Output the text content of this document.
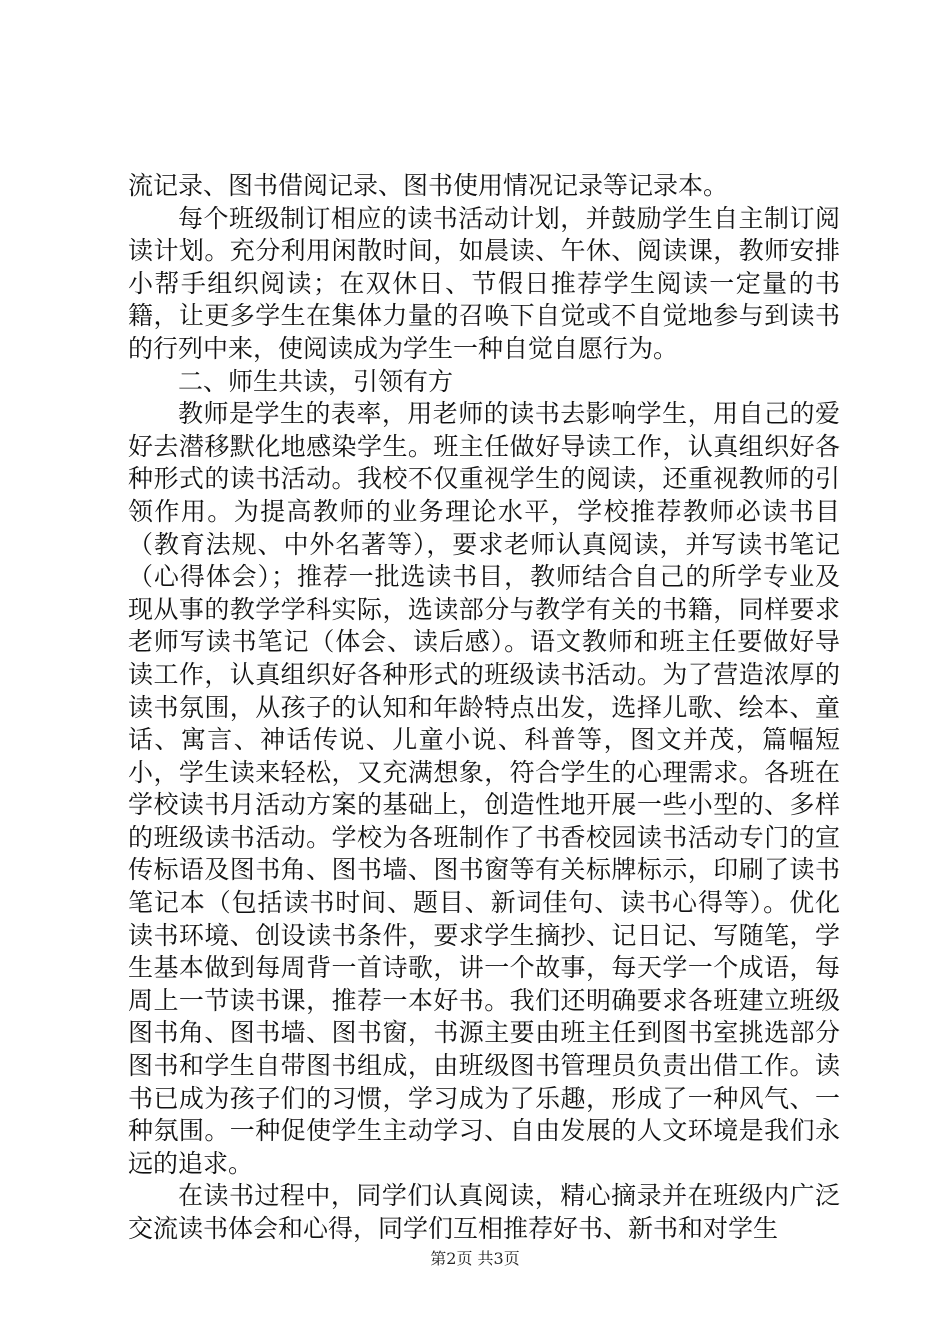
流记录、图书借阅记录、图书使用情况记录等记录本。

每个班级制订相应的读书活动计划，并鼓励学生自主制订阅读计划。充分利用闲散时间，如晨读、午休、阅读课，教师安排小帮手组织阅读；在双休日、节假日推荐学生阅读一定量的书籍，让更多学生在集体力量的召唤下自觉或不自觉地参与到读书的行列中来，使阅读成为学生一种自觉自愿行为。

二、师生共读，引领有方

教师是学生的表率，用老师的读书去影响学生，用自己的爱好去潜移默化地感染学生。班主任做好导读工作，认真组织好各种形式的读书活动。我校不仅重视学生的阅读，还重视教师的引领作用。为提高教师的业务理论水平，学校推荐教师必读书目（教育法规、中外名著等），要求老师认真阅读，并写读书笔记（心得体会）；推荐一批选读书目，教师结合自己的所学专业及现从事的教学学科实际，选读部分与教学有关的书籍，同样要求老师写读书笔记（体会、读后感）。语文教师和班主任要做好导读工作，认真组织好各种形式的班级读书活动。为了营造浓厚的读书氛围，从孩子的认知和年龄特点出发，选择儿歌、绘本、童话、寓言、神话传说、儿童小说、科普等，图文并茂，篇幅短小，学生读来轻松，又充满想象，符合学生的心理需求。各班在学校读书月活动方案的基础上，创造性地开展一些小型的、多样的班级读书活动。学校为各班制作了书香校园读书活动专门的宣传标语及图书角、图书墙、图书窗等有关标牌标示，印刷了读书笔记本（包括读书时间、题目、新词佳句、读书心得等）。优化读书环境、创设读书条件，要求学生摘抄、记日记、写随笔，学生基本做到每周背一首诗歌，讲一个故事，每天学一个成语，每周上一节读书课，推荐一本好书。我们还明确要求各班建立班级图书角、图书墙、图书窗，书源主要由班主任到图书室挑选部分图书和学生自带图书组成，由班级图书管理员负责出借工作。读书已成为孩子们的习惯，学习成为了乐趣，形成了一种风气、一种氛围。一种促使学生主动学习、自由发展的人文环境是我们永远的追求。

在读书过程中，同学们认真阅读，精心摘录并在班级内广泛交流读书体会和心得，同学们互相推荐好书、新书和对学生

第2页 共3页
